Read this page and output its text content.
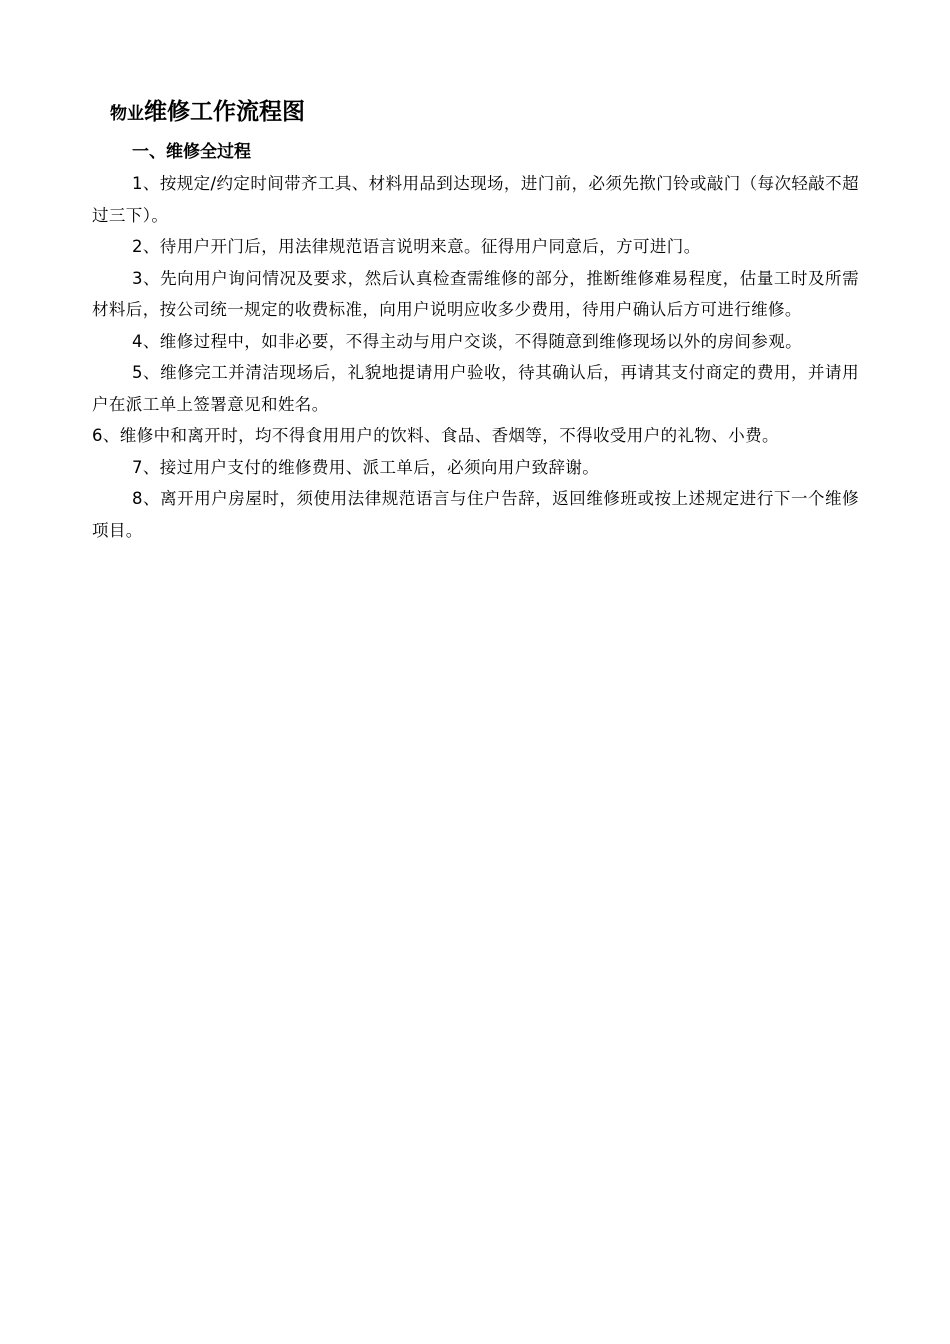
物业维修工作流程图
一、维修全过程

1、按规定/约定时间带齐工具、材料用品到达现场，进门前，必须先揿门铃或敲门（每次轻敲不超过三下）。

2、待用户开门后，用法律规范语言说明来意。征得用户同意后，方可进门。

3、先向用户询问情况及要求，然后认真检查需维修的部分，推断维修难易程度，估量工时及所需材料后，按公司统一规定的收费标准，向用户说明应收多少费用，待用户确认后方可进行维修。

4、维修过程中，如非必要，不得主动与用户交谈，不得随意到维修现场以外的房间参观。

5、维修完工并清洁现场后，礼貌地提请用户验收，待其确认后，再请其支付商定的费用，并请用户在派工单上签署意见和姓名。

6、维修中和离开时，均不得食用用户的饮料、食品、香烟等，不得收受用户的礼物、小费。

7、接过用户支付的维修费用、派工单后，必须向用户致辞谢。

8、离开用户房屋时，须使用法律规范语言与住户告辞，返回维修班或按上述规定进行下一个维修项目。
